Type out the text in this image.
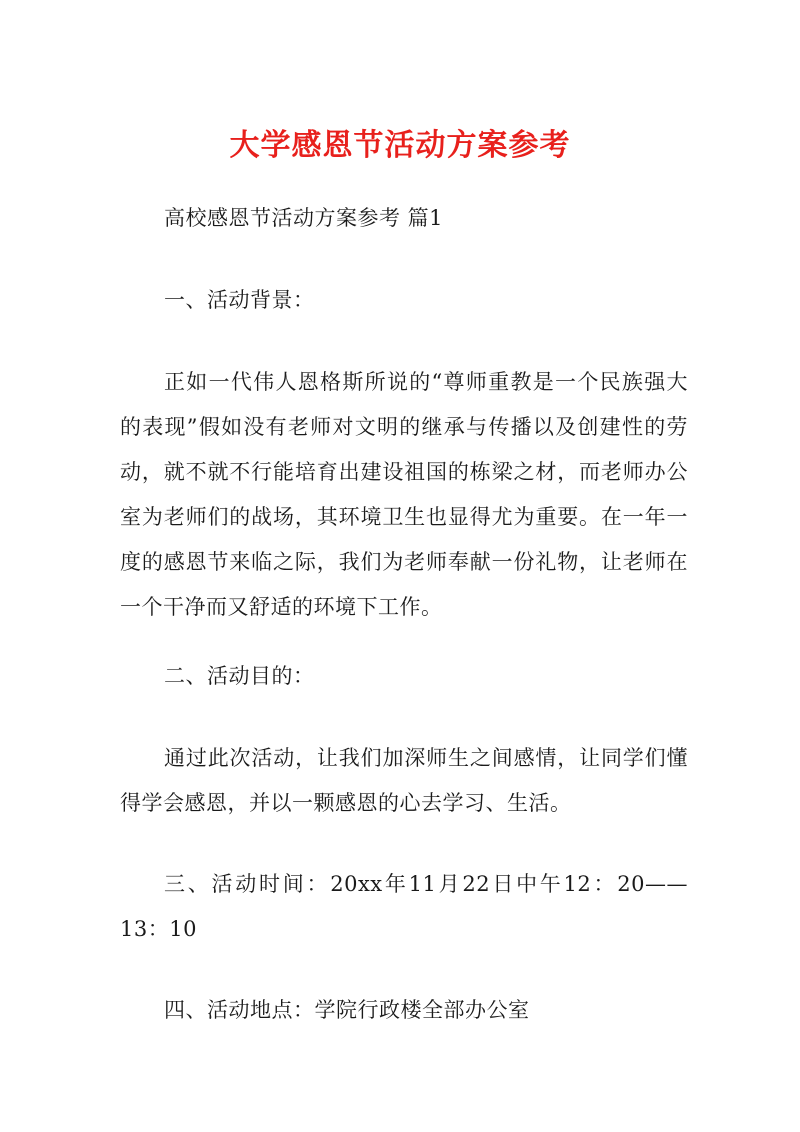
大学感恩节活动方案参考
高校感恩节活动方案参考 篇1
一、活动背景：
正如一代伟人恩格斯所说的“尊师重教是一个民族强大的表现”假如没有老师对文明的继承与传播以及创建性的劳动，就不就不行能培育出建设祖国的栋梁之材，而老师办公室为老师们的战场，其环境卫生也显得尤为重要。在一年一度的感恩节来临之际，我们为老师奉献一份礼物，让老师在一个干净而又舒适的环境下工作。
二、活动目的：
通过此次活动，让我们加深师生之间感情，让同学们懂得学会感恩，并以一颗感恩的心去学习、生活。
三、活动时间：20xx年11月22日中午12：20——13：10
四、活动地点：学院行政楼全部办公室
